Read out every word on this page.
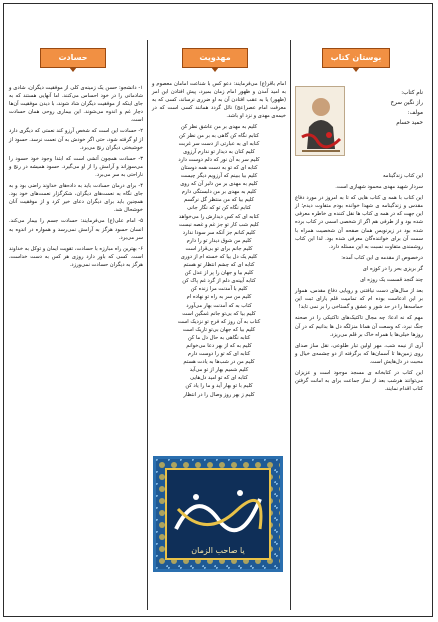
بوستان کتاب
مهدویت
حسادت
نام کتاب:
راز نگین سرخ
مولف:
حمید حسام

این کتاب زندگینامه

سردار شهید مهدی محمود شهبازی است.

این کتاب با همه ی کتاب هایی که تا به امروز در مورد دفاع مقدس و زندگینامه ی شهدا خوانده بودم متفاوت دیدم؛ از این جهت که در همه ی کتاب ها نقل کننده ی خاطره معرفی شده بود و از طرفی هم اگر از شخصی اسمی در کتاب برده شده بود در زیرنویس همان صفحه آن شخصیت همراه با سمت آن برای خواننده‌گان معرفی شده بود. لذا این کتاب روشمندی متفاوت نسبت به این مسئله دارد.

درخصوص از مقدمه ی این کتاب آمده:

گر بریزی بحر را در کوزه ای

چند گنجد قسمت یک روزه ای

بعد از سال‌های دست نیافتنی و رویایی دفاع مقدس، هموار بر این ادعاست بوده ام که تمامیت قلم یارای ثبت این حماسه‌ها را در حد شور و عشق و گستاخی را بر نمی تابد!

مهم که نه ادعا: چه مجال تاکتیک‌های تاکتیکی را در صحنه جنگ نبرد، که وسعت آن همانا منزلگه دل ها بدانیم که در آن روزها خیلی‌ها با همراه خاک بر قلم می‌ریزد.

آری از نیمه شب، مهر اولین تبار طلوعی، نقل ساز صدای روی زمین‌ها تا آسمان‌ها که برگرفته از دو چشمه‌ی خیال و محبت در دل‌هایش است.

این کتاب در کتابخانه ی مسجد موجود است و عزیزان می‌توانند هرشب بعد از نماز جماعت برای به امانت گرفتن کتاب اقدام نمایند.

امام باقر(ع) می‌فرمایند: دعو کس با شناعت امامان معصوم و به امید آمدن و ظهور امام زمان بمیرد، پیش افتادن این امر (ظهور) یا به عقب افتادن آن به او ضرری نرساند، کسی که به معرفت امام عصر(عج) نائل گردد همانند کسی است که در خیمه‌ی مهدی و نزد او باشد.

کلیم به مهدی بر من عاشق نظر کن
کتابم نگاه کن گاهی به بر من نظر کن
کنابه ای به عبارتی از دست سر غربت
کلیم کنان به دیدار تو ندارم آرزوی
کلیم سر به آن نور که دلم دوست دارد
کتابه ای که تو به دست همه دوستان
کلیم بیا ببینم که آرزویم دیگر چیست
کلیم به مهدی بر من دلبر آن که روی
کلیم به مهدی بر من دلبستگی دارم
کلیم بیا که من منتظر گل نرگسم
کتابم نگاه کن تو که نگار جانی
کتابه ای که کس دیدارش را می‌خواهد
کلیم شب کار تو جز غم و غصه نیست
کلیم کنانم جز آنکه سر سودا ندارد
کلیم من شوق دیدار تو را دارم
کلیم جانم برای تو بی‌قرار است
کلیم یک دل بیا که خسته ام از دوری
کتابه ای که چشم انتظار تو هستم
کلیم بیا و جهان را پر از عدل کن
کتابه آیینه‌ی دلم از گرد غم پاک کن
کلیم با آمدنت مرا زنده کن
کلیم من سر به راه تو نهاده ام
کتاب به که آمدنت بهار می‌آورد
کلیم بیا که بی‌تو جانم غمگین است
کتاب به آن روز که فرج تو نزدیک است
کلیم بیا که جهان بی‌تو تاریک است
کتابه نگاهی به حال دل ما کن
کلیم به که از بهر دعا می‌خوانم
کتابه ای که تو را دوست دارم
کلیم من در شب‌ها به یادت هستم
کلیم شمیم بهار از تو می‌آید
کتابه ای که تو امید دل‌هایی
کلیم با تو بهار آید و ما را یاد کن
کلیم ز بهر روز وصال را در انتظار
یا صاحب الزمان

۱- دانشجو: حسن یک زمینه‌ی کلی از موفقیت دیگران، شادی و شادمانی را در خود احساس می‌کنند. اما آنهایی هستند که به جای اینکه از موفقیت دیگران شاد شوند، با دیدن موفقیت آن‌ها دچار غم و اندوه می‌شوند. این بیماری روحی همان حسادت است.

۲- حسادت این است که شخص آرزو کند نعمتی که دیگری دارد از او گرفته شود، حتی اگر خودش به آن نعمت نرسد. حسود از خوشبختی دیگران رنج می‌برد.

۳- حسادت همچون آتشی است که ابتدا وجود خود حسود را می‌سوزاند و آرامش را از او می‌گیرد. حسود همیشه در رنج و ناراحتی به سر می‌برد.

۴- برای درمان حسادت باید به داده‌های خداوند راضی بود و به جای نگاه به نعمت‌های دیگران، شکرگزار نعمت‌های خود بود. همچنین باید برای دیگران دعای خیر کرد و از موفقیت آنان خوشحال شد.

۵- امام علی(ع) می‌فرمایند: حسادت جسم را بیمار می‌کند. انسان حسود هرگز به آرامش نمی‌رسد و همواره در اندوه به سر می‌برد.

۶- بهترین راه مبارزه با حسادت، تقویت ایمان و توکل به خداوند است. کسی که باور دارد روزی هر کس به دست خداست، هرگز به دیگران حسادت نمی‌ورزد.
